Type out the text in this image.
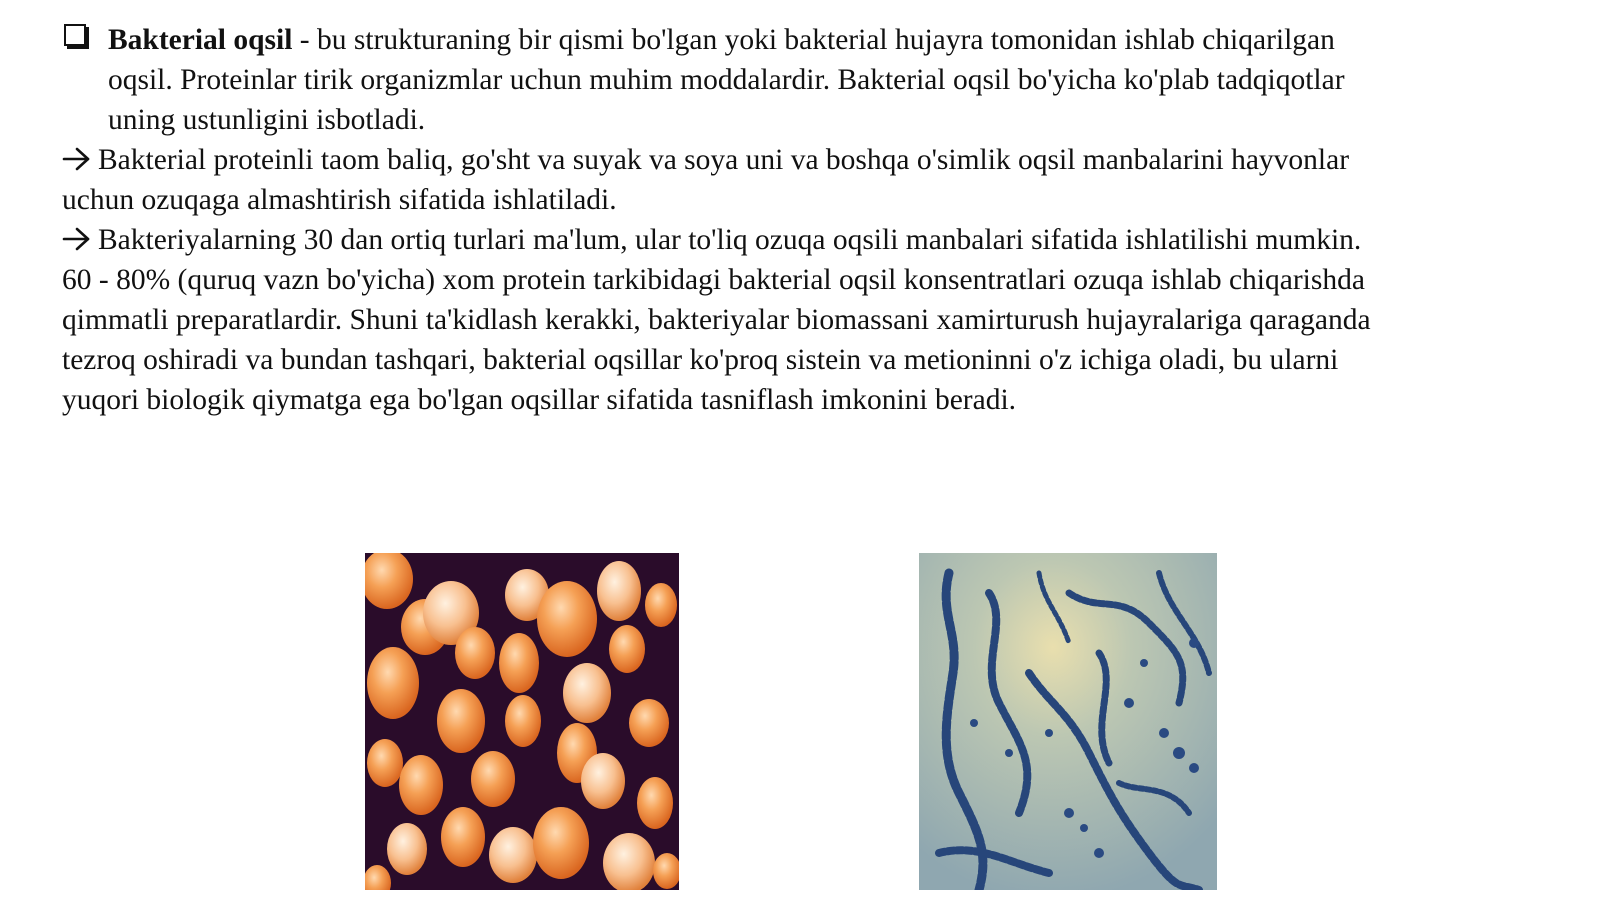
Bakterial oqsil - bu strukturaning bir qismi bo'lgan yoki bakterial hujayra tomonidan ishlab chiqarilgan oqsil. Proteinlar tirik organizmlar uchun muhim moddalardir. Bakterial oqsil bo'yicha ko'plab tadqiqotlar uning ustunligini isbotladi.
Bakterial proteinli taom baliq, go'sht va suyak va soya uni va boshqa o'simlik oqsil manbalarini hayvonlar uchun ozuqaga almashtirish sifatida ishlatiladi.
Bakteriyalarning 30 dan ortiq turlari ma'lum, ular to'liq ozuqa oqsili manbalari sifatida ishlatilishi mumkin. 60 - 80% (quruq vazn bo'yicha) xom protein tarkibidagi bakterial oqsil konsentratlari ozuqa ishlab chiqarishda qimmatli preparatlardir. Shuni ta'kidlash kerakki, bakteriyalar biomassani xamirturush hujayralariga qaraganda tezroq oshiradi va bundan tashqari, bakterial oqsillar ko'proq sistein va metioninni o'z ichiga oladi, bu ularni yuqori biologik qiymatga ega bo'lgan oqsillar sifatida tasniflash imkonini beradi.
